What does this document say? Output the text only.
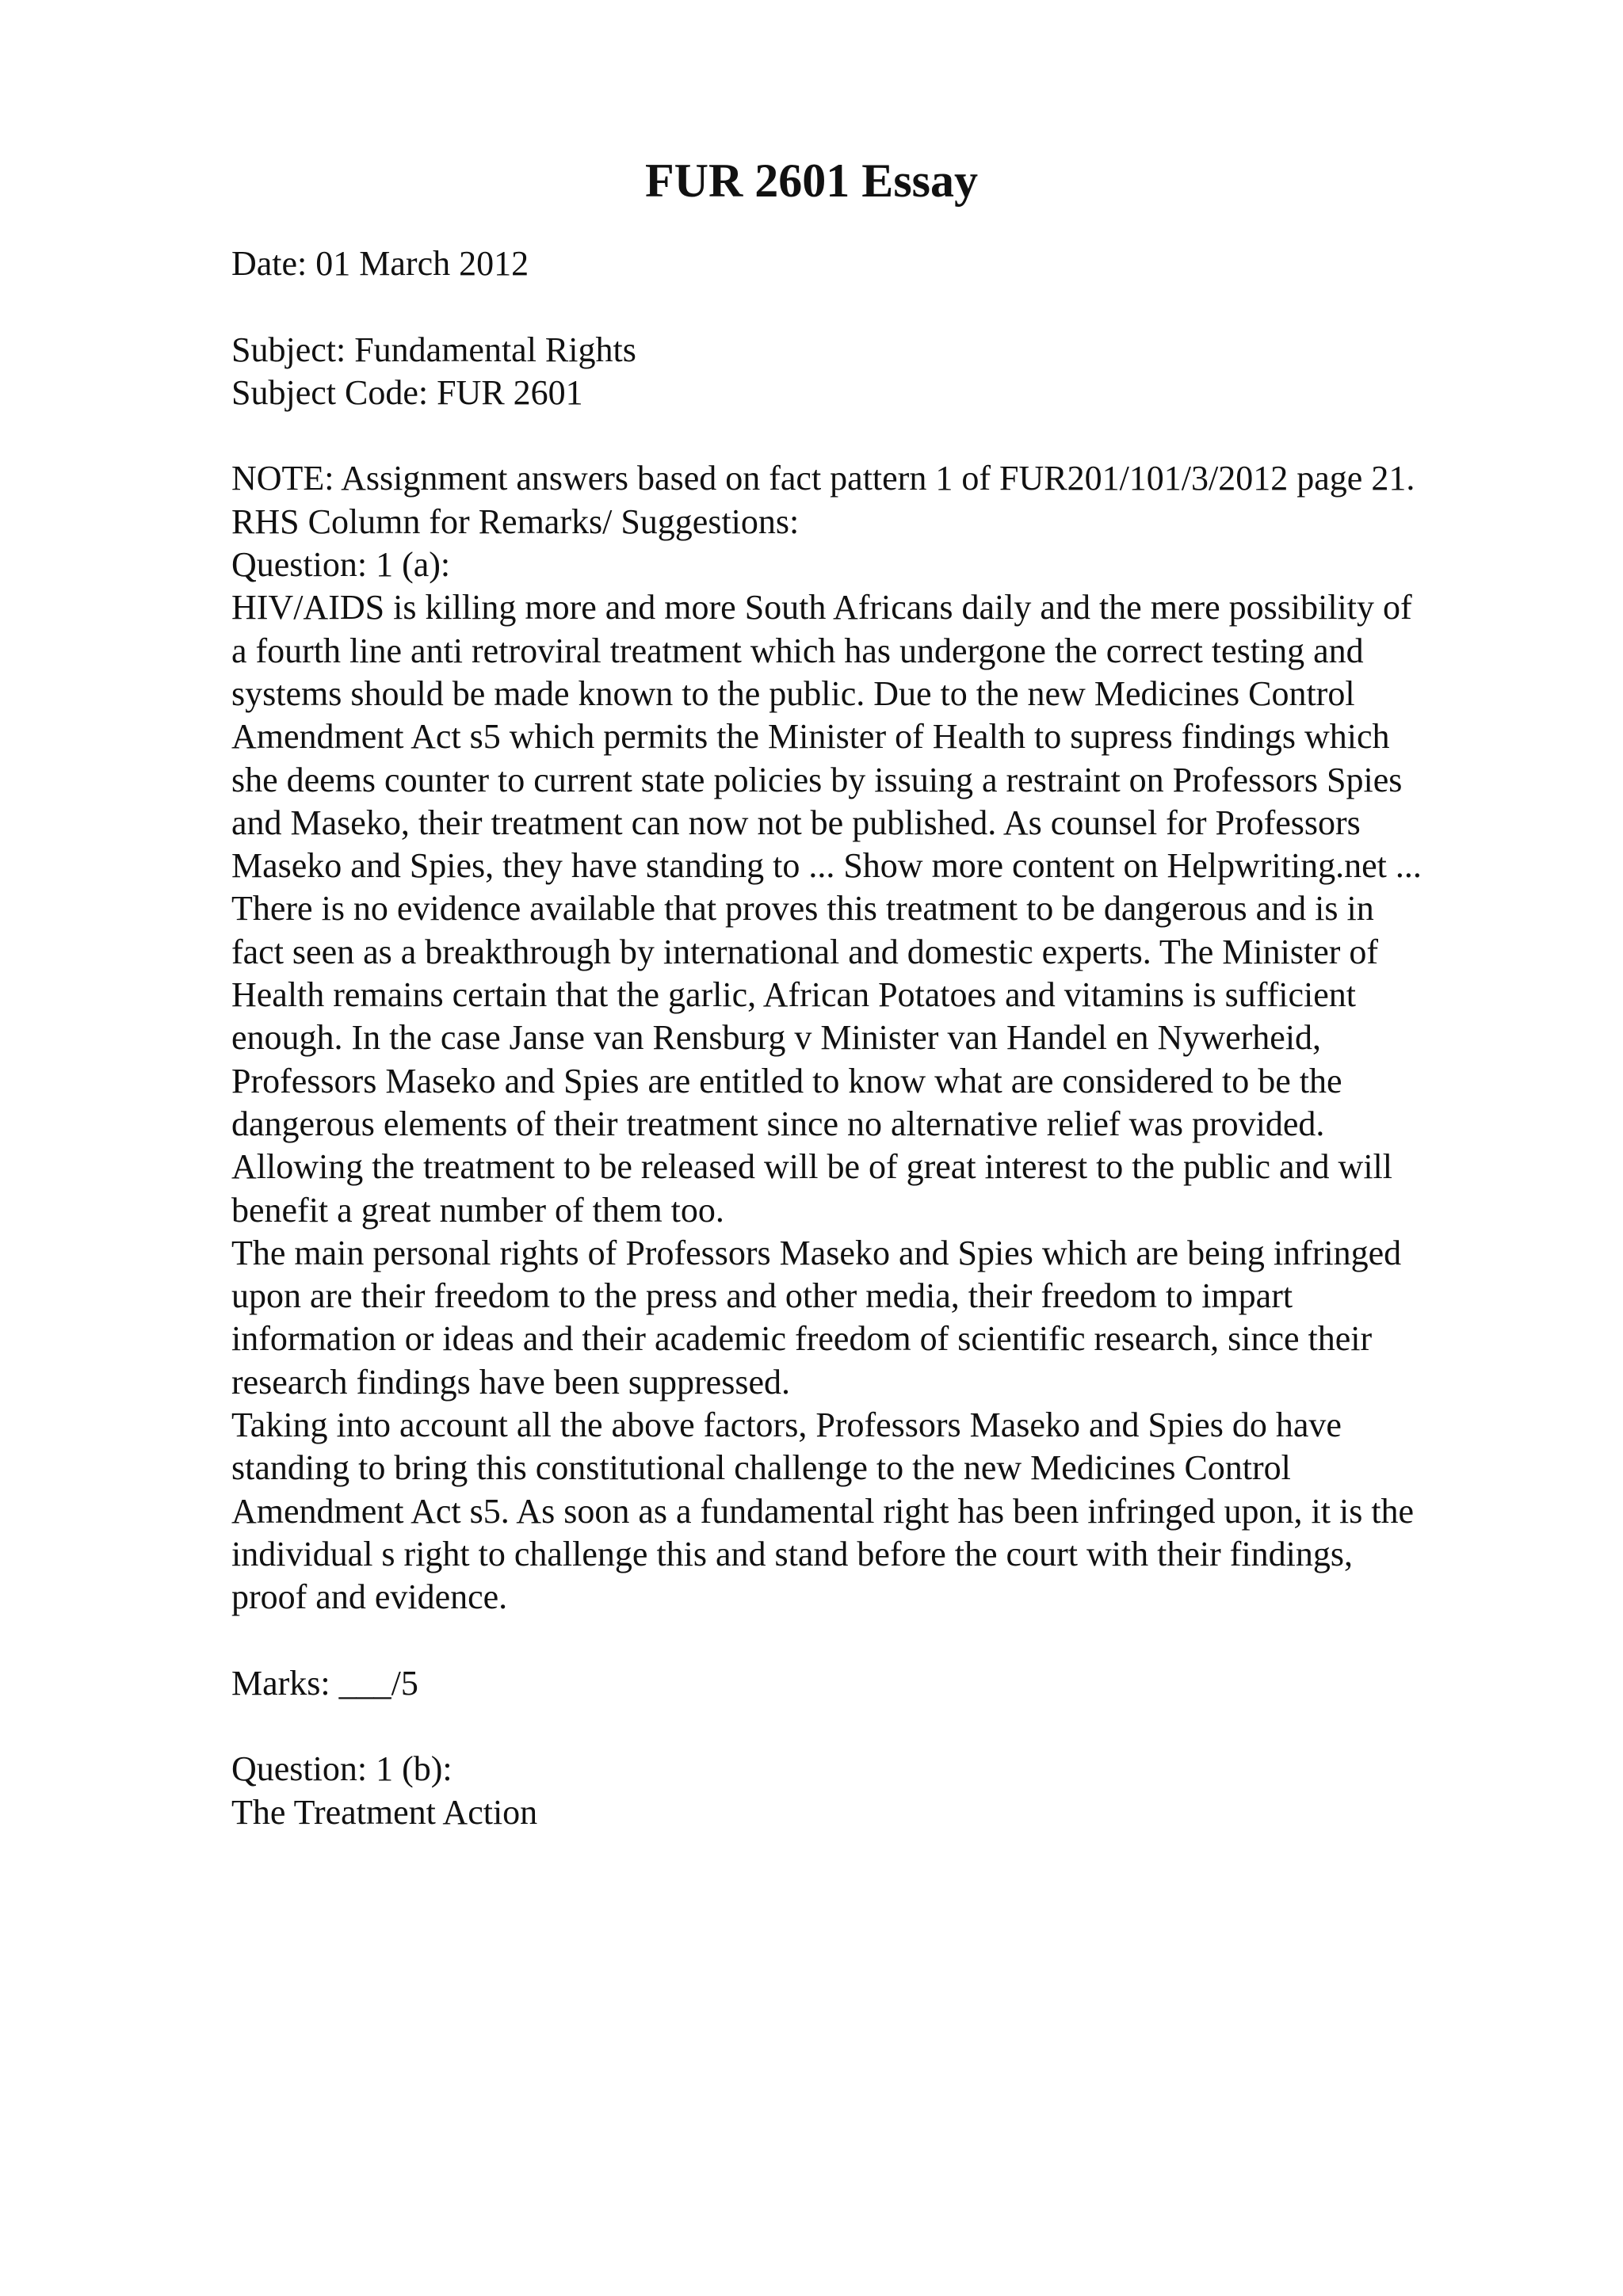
FUR 2601 Essay
Date: 01 March 2012
Subject: Fundamental Rights
Subject Code: FUR 2601
NOTE: Assignment answers based on fact pattern 1 of FUR201/101/3/2012 page 21.
RHS Column for Remarks/ Suggestions:
Question: 1 (a):
HIV/AIDS is killing more and more South Africans daily and the mere possibility of
a fourth line anti retroviral treatment which has undergone the correct testing and
systems should be made known to the public. Due to the new Medicines Control
Amendment Act s5 which permits the Minister of Health to supress findings which
she deems counter to current state policies by issuing a restraint on Professors Spies
and Maseko, their treatment can now not be published. As counsel for Professors
Maseko and Spies, they have standing to ... Show more content on Helpwriting.net ...
There is no evidence available that proves this treatment to be dangerous and is in
fact seen as a breakthrough by international and domestic experts. The Minister of
Health remains certain that the garlic, African Potatoes and vitamins is sufficient
enough. In the case Janse van Rensburg v Minister van Handel en Nywerheid,
Professors Maseko and Spies are entitled to know what are considered to be the
dangerous elements of their treatment since no alternative relief was provided.
Allowing the treatment to be released will be of great interest to the public and will
benefit a great number of them too.
The main personal rights of Professors Maseko and Spies which are being infringed
upon are their freedom to the press and other media, their freedom to impart
information or ideas and their academic freedom of scientific research, since their
research findings have been suppressed.
Taking into account all the above factors, Professors Maseko and Spies do have
standing to bring this constitutional challenge to the new Medicines Control
Amendment Act s5. As soon as a fundamental right has been infringed upon, it is the
individual s right to challenge this and stand before the court with their findings,
proof and evidence.
Marks: ___/5
Question: 1 (b):
The Treatment Action
